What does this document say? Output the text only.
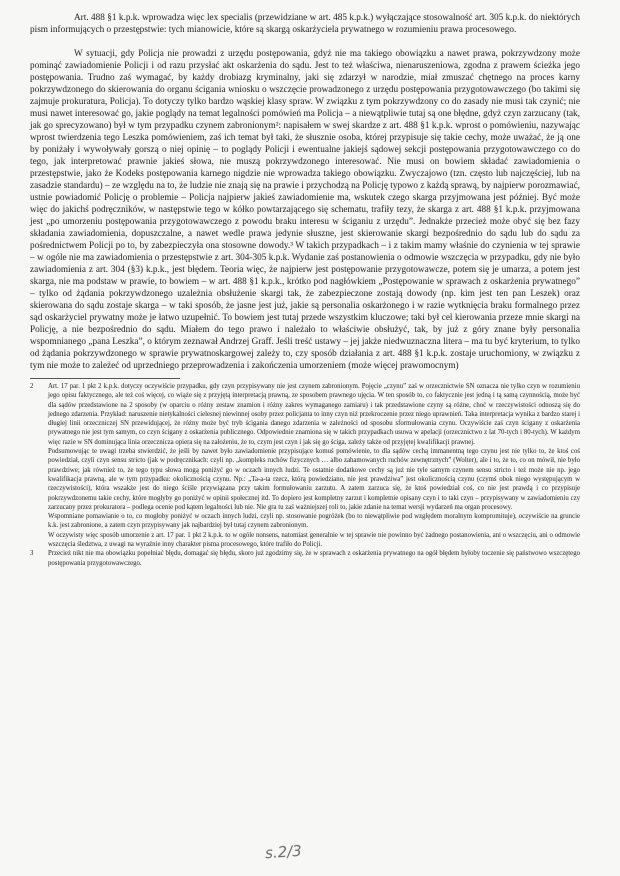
Art. 488 §1 k.p.k. wprowadza więc lex specialis (przewidziane w art. 485 k.p.k.) wyłączające stosowalność art. 305 k.p.k. do niektórych pism informujących o przestępstwie: tych mianowicie, które są skargą oskarżyciela prywatnego w rozumieniu prawa procesowego.

W sytuacji, gdy Policja nie prowadzi z urzędu postępowania, gdyż nie ma takiego obowiązku a nawet prawa, pokrzywdzony może pominąć zawiadomienie Policji i od razu przysłać akt oskarżenia do sądu. Jest to też właściwa, nienaruszeniowa, zgodna z prawem ścieżka jego postępowania. Trudno zaś wymagać, by każdy drobiazg kryminalny, jaki się zdarzył w narodzie, miał zmuszać chętnego na proces karny pokrzywdzonego do skierowania do organu ścigania wniosku o wszczęcie prowadzonego z urzędu postępowania przygotowawczego (bo takimi się zajmuje prokuratura, Policja). To dotyczy tylko bardzo wąskiej klasy spraw. W związku z tym pokrzywdzony co do zasady nie musi tak czynić; nie musi nawet interesować go, jakie poglądy na temat legalności pomówień ma Policja – a niewątpliwie tutaj są one błędne, gdyż czyn zarzucany (tak, jak go sprecyzowano) był w tym przypadku czynem zabronionym²: napisałem w swej skardze z art. 488 §1 k.p.k. wprost o pomówieniu, nazywając wprost twierdzenia tego Leszka pomówieniem, zaś ich temat był taki, że słusznie osoba, której przypisuje się takie cechy, może uważać, że ją one by poniżały i wywoływały gorszą o niej opinię – to poglądy Policji i ewentualne jakiejś sądowej sekcji postępowania przygotowawczego co do tego, jak interpretować prawnie jakieś słowa, nie muszą pokrzywdzonego interesować. Nie musi on bowiem składać zawiadomienia o przestępstwie, jako że Kodeks postępowania karnego nigdzie nie wprowadza takiego obowiązku. Zwyczajowo (tzn. często lub najczęściej, lub na zasadzie standardu) – ze względu na to, że ludzie nie znają się na prawie i przychodzą na Policję typowo z każdą sprawą, by najpierw porozmawiać, ustnie powiadomić Policję o problemie – Policja najpierw jakieś zawiadomienie ma, wskutek czego skarga przyjmowana jest później. Być może więc do jakichś podręczników, w następstwie tego w kółko powtarzającego się schematu, trafiły tezy, że skarga z art. 488 §1 k.p.k. przyjmowana jest „po umorzeniu postępowania przygotowawczego z powodu braku interesu w ściganiu z urzędu”. Jednakże przecież może obyć się bez fazy składania zawiadomienia, dopuszczalne, a nawet wedle prawa jedynie słuszne, jest skierowanie skargi bezpośrednio do sądu lub do sądu za pośrednictwem Policji po to, by zabezpieczyła ona stosowne dowody.³ W takich przypadkach – i z takim mamy właśnie do czynienia w tej sprawie – w ogóle nie ma zawiadomienia o przestępstwie z art. 304-305 k.p.k. Wydanie zaś postanowienia o odmowie wszczęcia w przypadku, gdy nie było zawiadomienia z art. 304 (§3) k.p.k., jest błędem. Teoria więc, że najpierw jest postępowanie przygotowawcze, potem się je umarza, a potem jest skarga, nie ma podstaw w prawie, to bowiem – w art. 488 §1 k.p.k., krótko pod nagłówkiem „Postępowanie w sprawach z oskarżenia prywatnego” – tylko od żądania pokrzywdzonego uzależnia obsłużenie skargi tak, że zabezpieczone zostają dowody (np. kim jest ten pan Leszek) oraz skierowana do sądu zostaje skarga – w taki sposób, że jasne jest już, jakie są personalia oskarżonego i w razie wytknięcia braku formalnego przez sąd oskarżyciel prywatny może je łatwo uzupełnić. To bowiem jest tutaj przede wszystkim kluczowe; taki był cel kierowania przeze mnie skargi na Policję, a nie bezpośrednio do sądu. Miałem do tego prawo i należało to właściwie obsłużyć, tak, by już z góry znane były personalia wspomnianego „pana Leszka”, o którym zeznawał Andrzej Graff. Jeśli treść ustawy – jej jakże niedwuznaczna litera – ma tu być kryterium, to tylko od żądania pokrzywdzonego w sprawie prywatnoskargowej zależy to, czy sposób działania z art. 488 §1 k.p.k. zostaje uruchomiony, w związku z tym nie może to zależeć od uprzedniego przeprowadzenia i zakończenia umorzeniem (może więcej prawomocnym)

2	Art. 17 par. 1 pkt 2 k.p.k. dotyczy oczywiście przypadku, gdy czyn przypisywany nie jest czynem zabronionym. Pojęcie „czynu” zaś w orzecznictwie SN oznacza nie tylko czyn w rozumieniu jego opisu faktycznego, ale też coś więcej, co wiąże się z przyjętą interpretacją prawną, ze sposobem prawnego ujęcia. W ten sposób to, co faktycznie jest jedną i tą samą czynnością, może być dla sądów przedstawione na 2 sposoby (w oparciu o różny zestaw znamion i różny zakres wymaganego zamiaru) i tak przedstawione czyny są różne, choć w rzeczywistości odnoszą się do jednego zdarzenia. Przykład: naruszenie nietykalności cielesnej niewinnej osoby przez policjanta to inny czyn niż przekroczenie przez niego uprawnień. Taka interpretacja wynika z bardzo starej i długiej linii orzeczniczej SN przewidującej, że różny może być tryb ścigania danego zdarzenia w zależności od sposobu sformułowania czynu. Oczywiście zaś czyn ścigany z oskarżenia prywatnego nie jest tym samym, co czyn ścigany z oskarżenia publicznego. Odpowiednie znamiona się w takich przypadkach usuwa w apelacji (orzecznictwo z lat 70-tych i 80-tych). W każdym więc razie w SN dominująca linia orzecznicza opiera się na założeniu, że to, czym jest czyn i jak się go ściga, zależy także od przyjętej kwalifikacji prawnej.

Podsumowując te uwagi trzeba stwierdzić, że jeśli by nawet było zawiadomienie przypisujące komuś pomówienie, to dla sądów cechą immanentną tego czynu jest nie tylko to, że ktoś coś powiedział, czyli czyn sensu stricto (jak w podręcznikach: czyli np. „kompleks ruchów fizycznych … albo zahamowanych ruchów zewnętrznych” (Wolter), ale i to, że to, co on mówił, nie było prawdziwe; jak również to, że tego typu słowa mogą poniżyć go w oczach innych ludzi. Te ostatnie dodatkowe cechy są już nie tyle samym czynem sensu stricto i też może nie np. jego kwalifikacja prawną, ale w tym przypadku: okolicznością czynu. Np.: „Ta-a-ta rzecz, którą powiedziano, nie jest prawdziwa” jest okolicznością czynu (czymś obok niego występującym w rzeczywistości), która wszakże jest do niego ściśle przywiązana przy takim formułowaniu zarzutu. A zatem zarzuca się, że ktoś powiedział coś, co nie jest prawdą i co przypisuje pokrzywdzonemu takie cechy, które mogłyby go poniżyć w opinii społecznej itd. To dopiero jest kompletny zarzut i kompletnie opisany czyn i to taki czyn – przypisywany w zawiadomieniu czy zarzucany przez prokuratora – podlega ocenie pod kątem legalności lub nie. Nie gra tu zaś ważniejszej roli to, jakie zdanie na temat wersji wydarzeń ma organ procesowy.

Wspomniane pomawianie o to, co mogłoby poniżyć w oczach innych ludzi, czyli np. stosowanie pogróżek (bo to niewątpliwie pod względem moralnym kompromituje), oczywiście na gruncie k.k. jest zabronione, a zatem czyn przypisywany jak najbardziej był tutaj czynem zabronionym.

W oczywisty więc sposób umorzenie z art. 17 par. 1 pkt 2 k.p.k. to w ogóle nonsens, natomiast generalnie w tej sprawie nie powinno być żadnego postanowienia, ani o wszczęciu, ani o odmowie wszczęcia śledztwa, z uwagi na wyraźnie inny charakter pisma procesowego, które trafiło do Policji.

3	Przecież nikt nie ma obowiązku popełniać błędu, domagać się błędu, skoro już zgodzimy się, że w sprawach z oskarżenia prywatnego na ogół błędem byłoby toczenie się państwowo wszczętego postępowania przygotowawczego.

s.2/3
